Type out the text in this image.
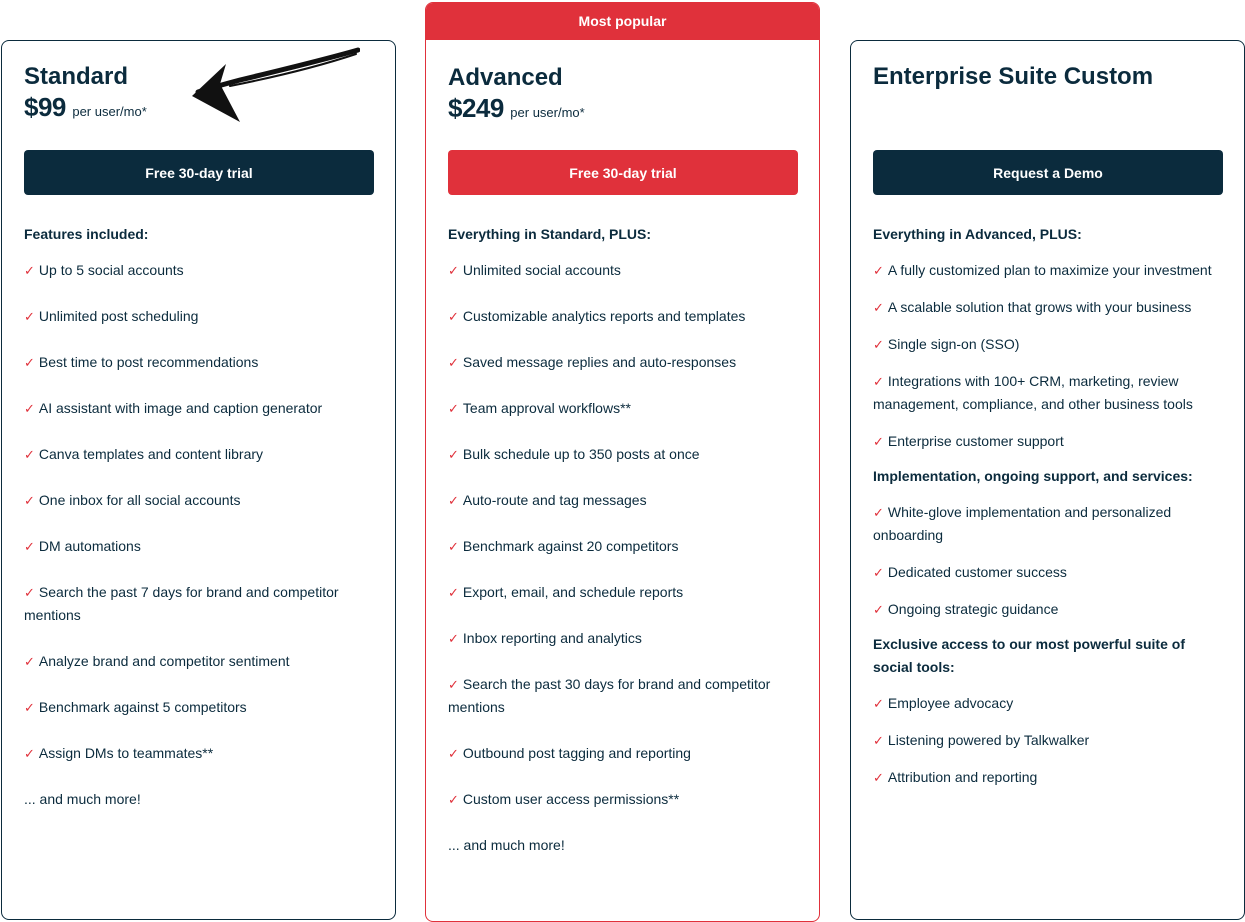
Standard
$99 per user/mo*
Free 30-day trial

Features included:

✓ Up to 5 social accounts
✓ Unlimited post scheduling
✓ Best time to post recommendations
✓ AI assistant with image and caption generator
✓ Canva templates and content library
✓ One inbox for all social accounts
✓ DM automations
✓ Search the past 7 days for brand and competitor mentions
✓ Analyze brand and competitor sentiment
✓ Benchmark against 5 competitors
✓ Assign DMs to teammates**

... and much more!

Most popular
Advanced
$249 per user/mo*
Free 30-day trial

Everything in Standard, PLUS:

✓ Unlimited social accounts
✓ Customizable analytics reports and templates
✓ Saved message replies and auto-responses
✓ Team approval workflows**
✓ Bulk schedule up to 350 posts at once
✓ Auto-route and tag messages
✓ Benchmark against 20 competitors
✓ Export, email, and schedule reports
✓ Inbox reporting and analytics
✓ Search the past 30 days for brand and competitor mentions
✓ Outbound post tagging and reporting
✓ Custom user access permissions**

... and much more!

Enterprise Suite Custom
Request a Demo

Everything in Advanced, PLUS:

✓ A fully customized plan to maximize your investment
✓ A scalable solution that grows with your business
✓ Single sign-on (SSO)
✓ Integrations with 100+ CRM, marketing, review management, compliance, and other business tools
✓ Enterprise customer support

Implementation, ongoing support, and services:

✓ White-glove implementation and personalized onboarding
✓ Dedicated customer success
✓ Ongoing strategic guidance

Exclusive access to our most powerful suite of social tools:

✓ Employee advocacy
✓ Listening powered by Talkwalker
✓ Attribution and reporting
